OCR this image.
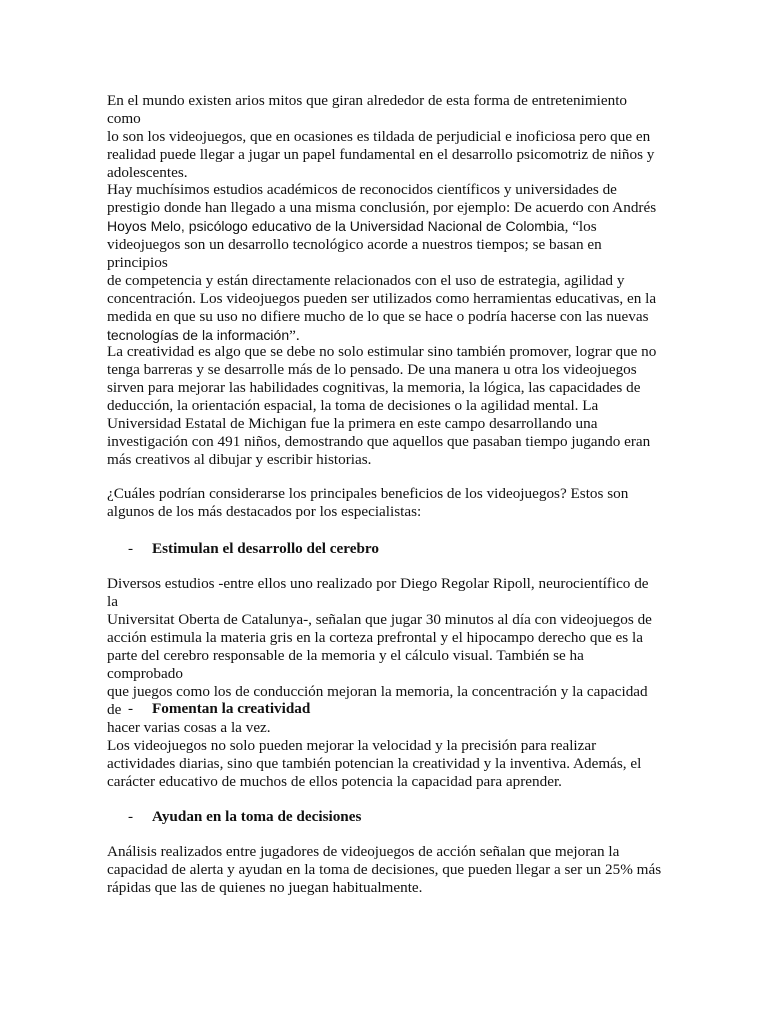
En el mundo existen arios mitos que giran alrededor de esta forma de entretenimiento como
lo son los videojuegos, que en ocasiones es tildada de perjudicial e inoficiosa pero que en
realidad puede llegar a jugar un papel fundamental en el desarrollo psicomotriz de niños y
adolescentes.

Hay muchísimos estudios académicos de reconocidos científicos y universidades de
prestigio donde han llegado a una misma conclusión, por ejemplo: De acuerdo con Andrés
Hoyos Melo, psicólogo educativo de la Universidad Nacional de Colombia, “los
videojuegos son un desarrollo tecnológico acorde a nuestros tiempos; se basan en principios
de competencia y están directamente relacionados con el uso de estrategia, agilidad y
concentración. Los videojuegos pueden ser utilizados como herramientas educativas, en la
medida en que su uso no difiere mucho de lo que se hace o podría hacerse con las nuevas
tecnologías de la información”.

La creatividad es algo que se debe no solo estimular sino también promover, lograr que no
tenga barreras y se desarrolle más de lo pensado. De una manera u otra los videojuegos
sirven para mejorar las habilidades cognitivas, la memoria, la lógica, las capacidades de
deducción, la orientación espacial, la toma de decisiones o la agilidad mental. La
Universidad Estatal de Michigan fue la primera en este campo desarrollando una
investigación con 491 niños, demostrando que aquellos que pasaban tiempo jugando eran
más creativos al dibujar y escribir historias.

¿Cuáles podrían considerarse los principales beneficios de los videojuegos? Estos son
algunos de los más destacados por los especialistas:

-	Estimulan el desarrollo del cerebro

Diversos estudios -entre ellos uno realizado por Diego Regolar Ripoll, neurocientífico de la
Universitat Oberta de Catalunya-, señalan que jugar 30 minutos al día con videojuegos de
acción estimula la materia gris en la corteza prefrontal y el hipocampo derecho que es la
parte del cerebro responsable de la memoria y el cálculo visual. También se ha comprobado
que juegos como los de conducción mejoran la memoria, la concentración y la capacidad de
hacer varias cosas a la vez.

-	Fomentan la creatividad

Los videojuegos no solo pueden mejorar la velocidad y la precisión para realizar
actividades diarias, sino que también potencian la creatividad y la inventiva. Además, el
carácter educativo de muchos de ellos potencia la capacidad para aprender.

-	Ayudan en la toma de decisiones

Análisis realizados entre jugadores de videojuegos de acción señalan que mejoran la
capacidad de alerta y ayudan en la toma de decisiones, que pueden llegar a ser un 25% más
rápidas que las de quienes no juegan habitualmente.
